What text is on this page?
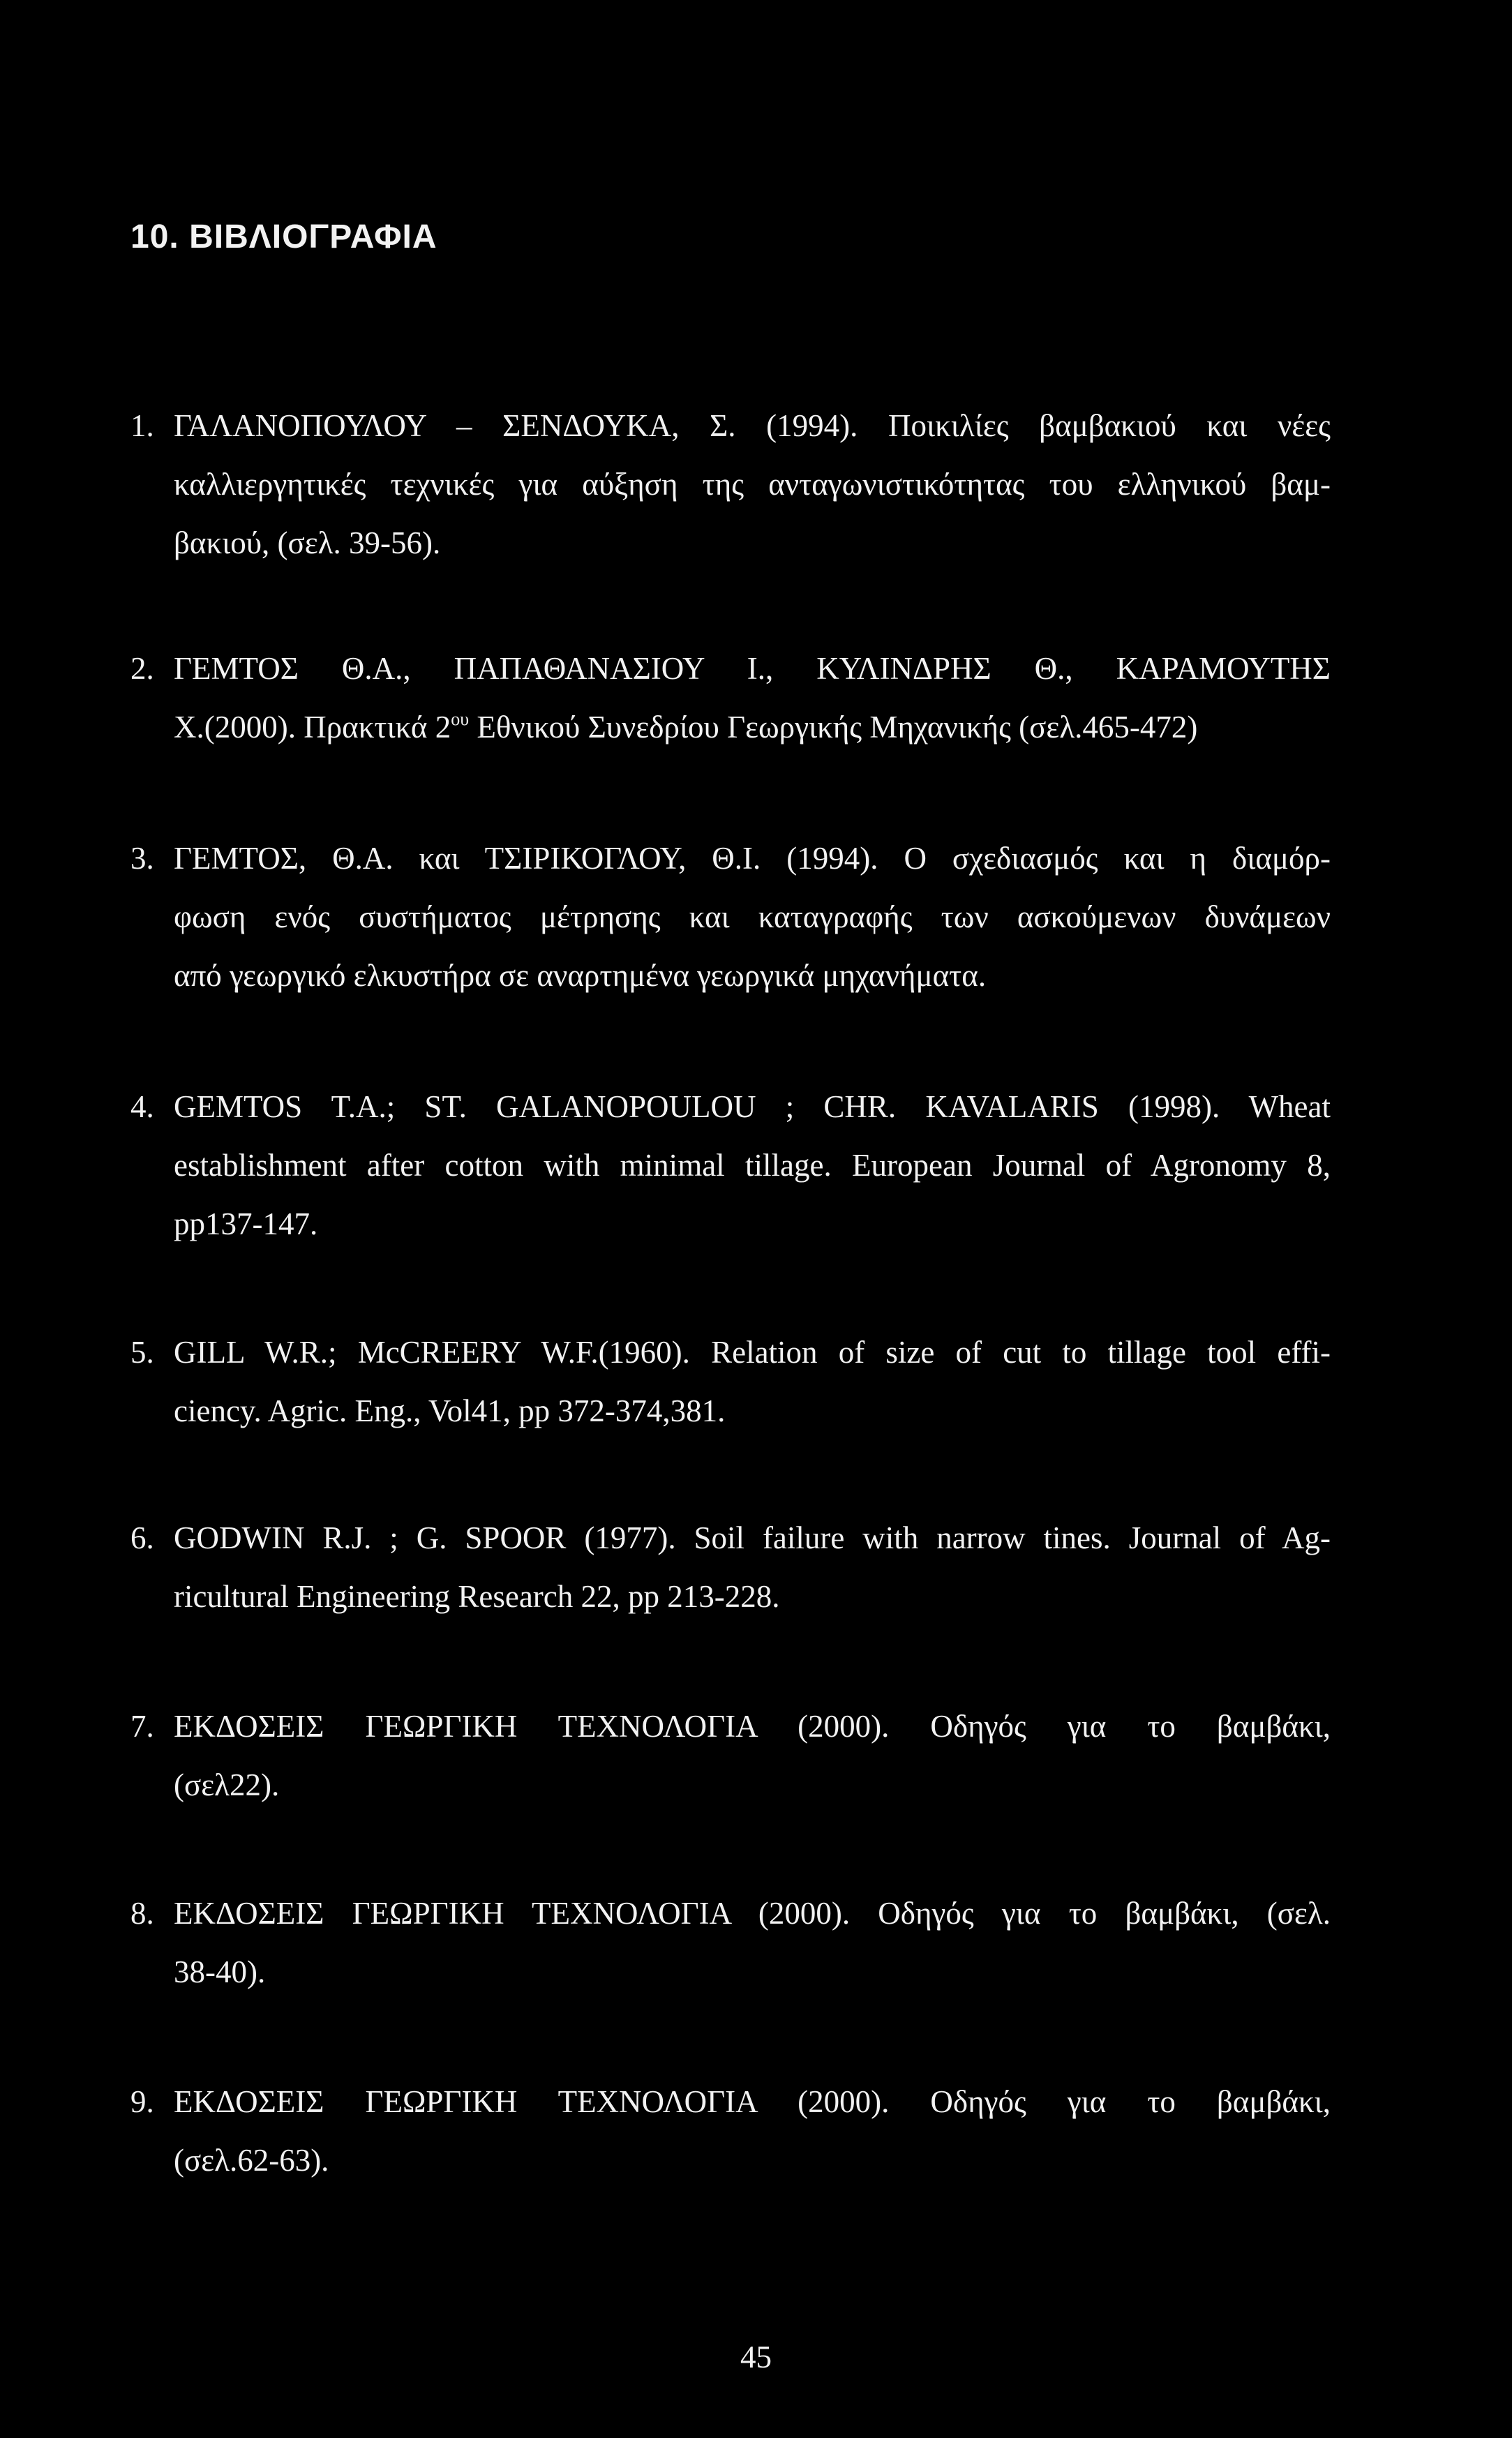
10. ΒΙΒΛΙΟΓΡΑΦΙΑ
1. ΓΑΛΑΝΟΠΟΥΛΟΥ – ΣΕΝΔΟΥΚΑ, Σ. (1994). Ποικιλίες βαμβακιού και νέες
καλλιεργητικές τεχνικές για αύξηση της ανταγωνιστικότητας του ελληνικού βαμ-
βακιού, (σελ. 39-56).
2. ΓΕΜΤΟΣ Θ.Α., ΠΑΠΑΘΑΝΑΣΙΟΥ Ι., ΚΥΛΙΝΔΡΗΣ Θ., ΚΑΡΑΜΟΥΤΗΣ
Χ.(2000). Πρακτικά $2^{o\upsilon}$ Εθνικού Συνεδρίου Γεωργικής Μηχανικής (σελ.465-472)
3. ΓΕΜΤΟΣ, Θ.Α. και ΤΣΙΡΙΚΟΓΛΟΥ, Θ.Ι. (1994). Ο σχεδιασμός και η διαμόρ-
φωση ενός συστήματος μέτρησης και καταγραφής των ασκούμενων δυνάμεων
από γεωργικό ελκυστήρα σε αναρτημένα γεωργικά μηχανήματα.
4. GEMTOS T.A.; ST. GALANOPOULOU ; CHR. KAVALARIS (1998). Wheat
establishment after cotton with minimal tillage. European Journal of Agronomy 8,
pp137-147.
5. GILL W.R.; McCREERY W.F.(1960). Relation of size of cut to tillage tool effi-
ciency. Agric. Eng., Vol41, pp 372-374,381.
6. GODWIN R.J. ; G. SPOOR (1977). Soil failure with narrow tines. Journal of Ag-
ricultural Engineering Research 22, pp 213-228.
7. ΕΚΔΟΣΕΙΣ ΓΕΩΡΓΙΚΗ ΤΕΧΝΟΛΟΓΙΑ (2000). Οδηγός για το βαμβάκι,
(σελ22).
8. ΕΚΔΟΣΕΙΣ ΓΕΩΡΓΙΚΗ ΤΕΧΝΟΛΟΓΙΑ (2000). Οδηγός για το βαμβάκι, (σελ.
38-40).
9. ΕΚΔΟΣΕΙΣ ΓΕΩΡΓΙΚΗ ΤΕΧΝΟΛΟΓΙΑ (2000). Οδηγός για το βαμβάκι,
(σελ.62-63).
45
